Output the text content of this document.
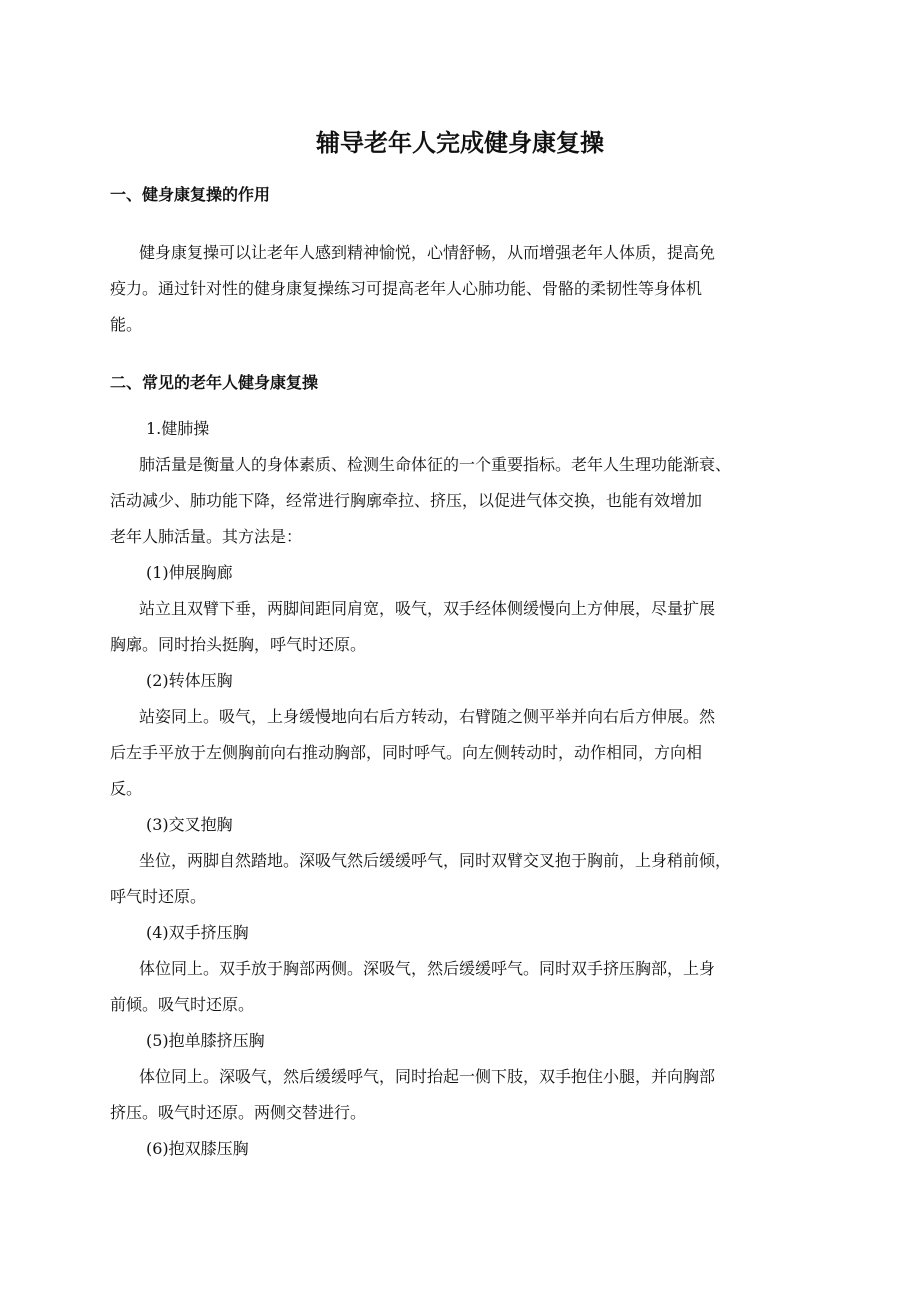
辅导老年人完成健身康复操
一、健身康复操的作用

健身康复操可以让老年人感到精神愉悦，心情舒畅，从而增强老年人体质，提高免

疫力。通过针对性的健身康复操练习可提高老年人心肺功能、骨骼的柔韧性等身体机

能。

二、常见的老年人健身康复操

1.健肺操

肺活量是衡量人的身体素质、检测生命体征的一个重要指标。老年人生理功能渐衰、

活动减少、肺功能下降，经常进行胸廓牵拉、挤压，以促进气体交换，也能有效增加

老年人肺活量。其方法是：

(1)伸展胸廊

站立且双臂下垂，两脚间距同肩宽，吸气，双手经体侧缓慢向上方伸展，尽量扩展

胸廓。同时抬头挺胸，呼气时还原。

(2)转体压胸

站姿同上。吸气，上身缓慢地向右后方转动，右臂随之侧平举并向右后方伸展。然

后左手平放于左侧胸前向右推动胸部，同时呼气。向左侧转动时，动作相同，方向相

反。

(3)交叉抱胸

坐位，两脚自然踏地。深吸气然后缓缓呼气，同时双臂交叉抱于胸前，上身稍前倾，

呼气时还原。

(4)双手挤压胸

体位同上。双手放于胸部两侧。深吸气，然后缓缓呼气。同时双手挤压胸部，上身

前倾。吸气时还原。

(5)抱单膝挤压胸

体位同上。深吸气，然后缓缓呼气，同时抬起一侧下肢，双手抱住小腿，并向胸部

挤压。吸气时还原。两侧交替进行。

(6)抱双膝压胸
